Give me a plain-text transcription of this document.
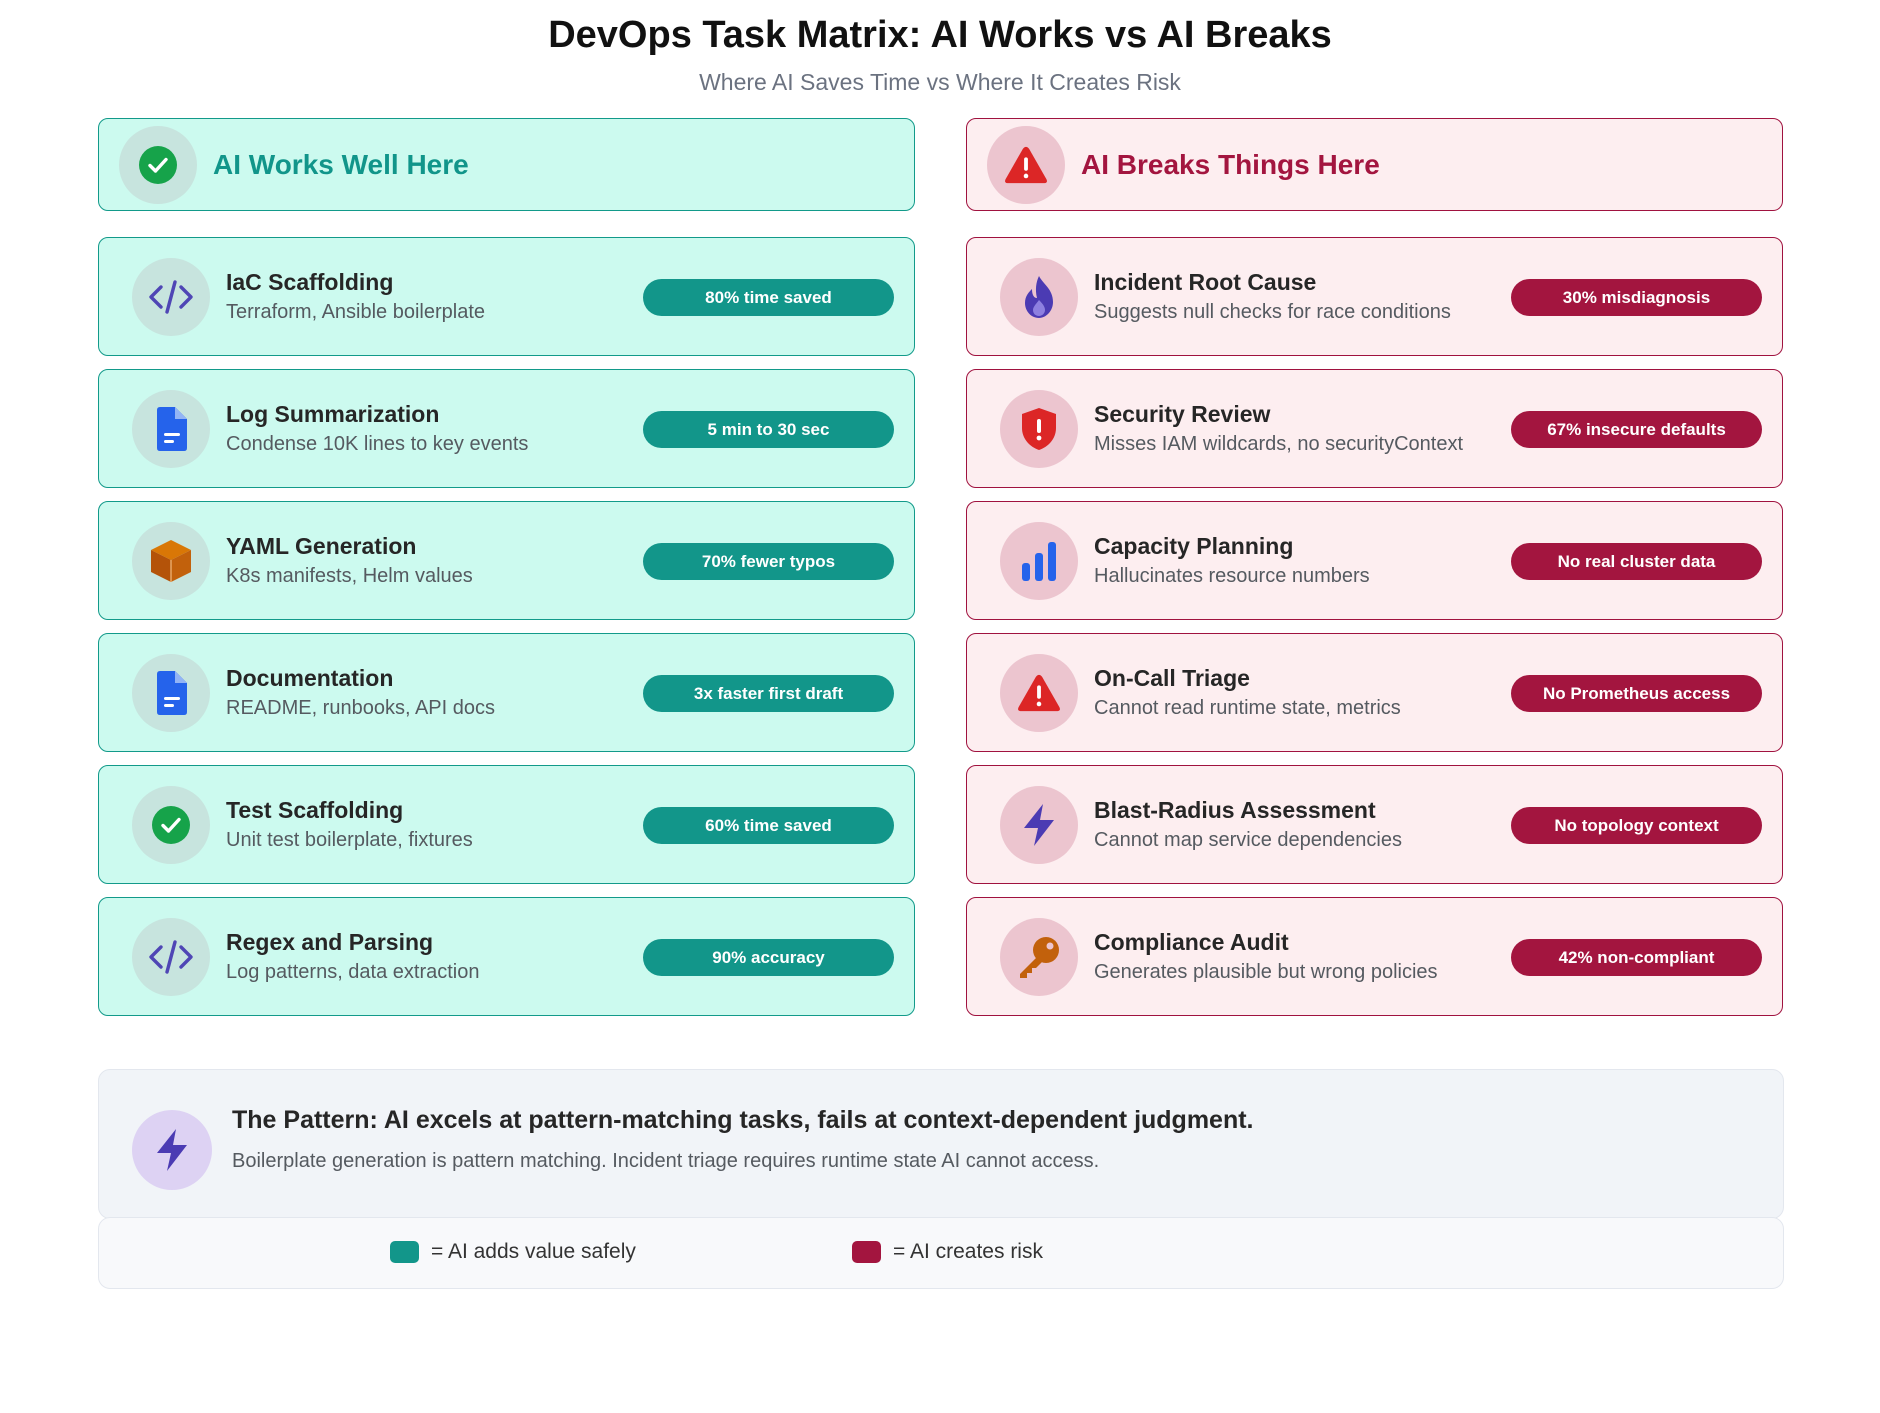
DevOps Task Matrix: AI Works vs AI Breaks
Where AI Saves Time vs Where It Creates Risk
AI Works Well Here
IaC Scaffolding
Terraform, Ansible boilerplate
80% time saved
Log Summarization
Condense 10K lines to key events
5 min to 30 sec
YAML Generation
K8s manifests, Helm values
70% fewer typos
Documentation
README, runbooks, API docs
3x faster first draft
Test Scaffolding
Unit test boilerplate, fixtures
60% time saved
Regex and Parsing
Log patterns, data extraction
90% accuracy
AI Breaks Things Here
Incident Root Cause
Suggests null checks for race conditions
30% misdiagnosis
Security Review
Misses IAM wildcards, no securityContext
67% insecure defaults
Capacity Planning
Hallucinates resource numbers
No real cluster data
On-Call Triage
Cannot read runtime state, metrics
No Prometheus access
Blast-Radius Assessment
Cannot map service dependencies
No topology context
Compliance Audit
Generates plausible but wrong policies
42% non-compliant
The Pattern: AI excels at pattern-matching tasks, fails at context-dependent judgment.
Boilerplate generation is pattern matching. Incident triage requires runtime state AI cannot access.
= AI adds value safely	= AI creates risk
